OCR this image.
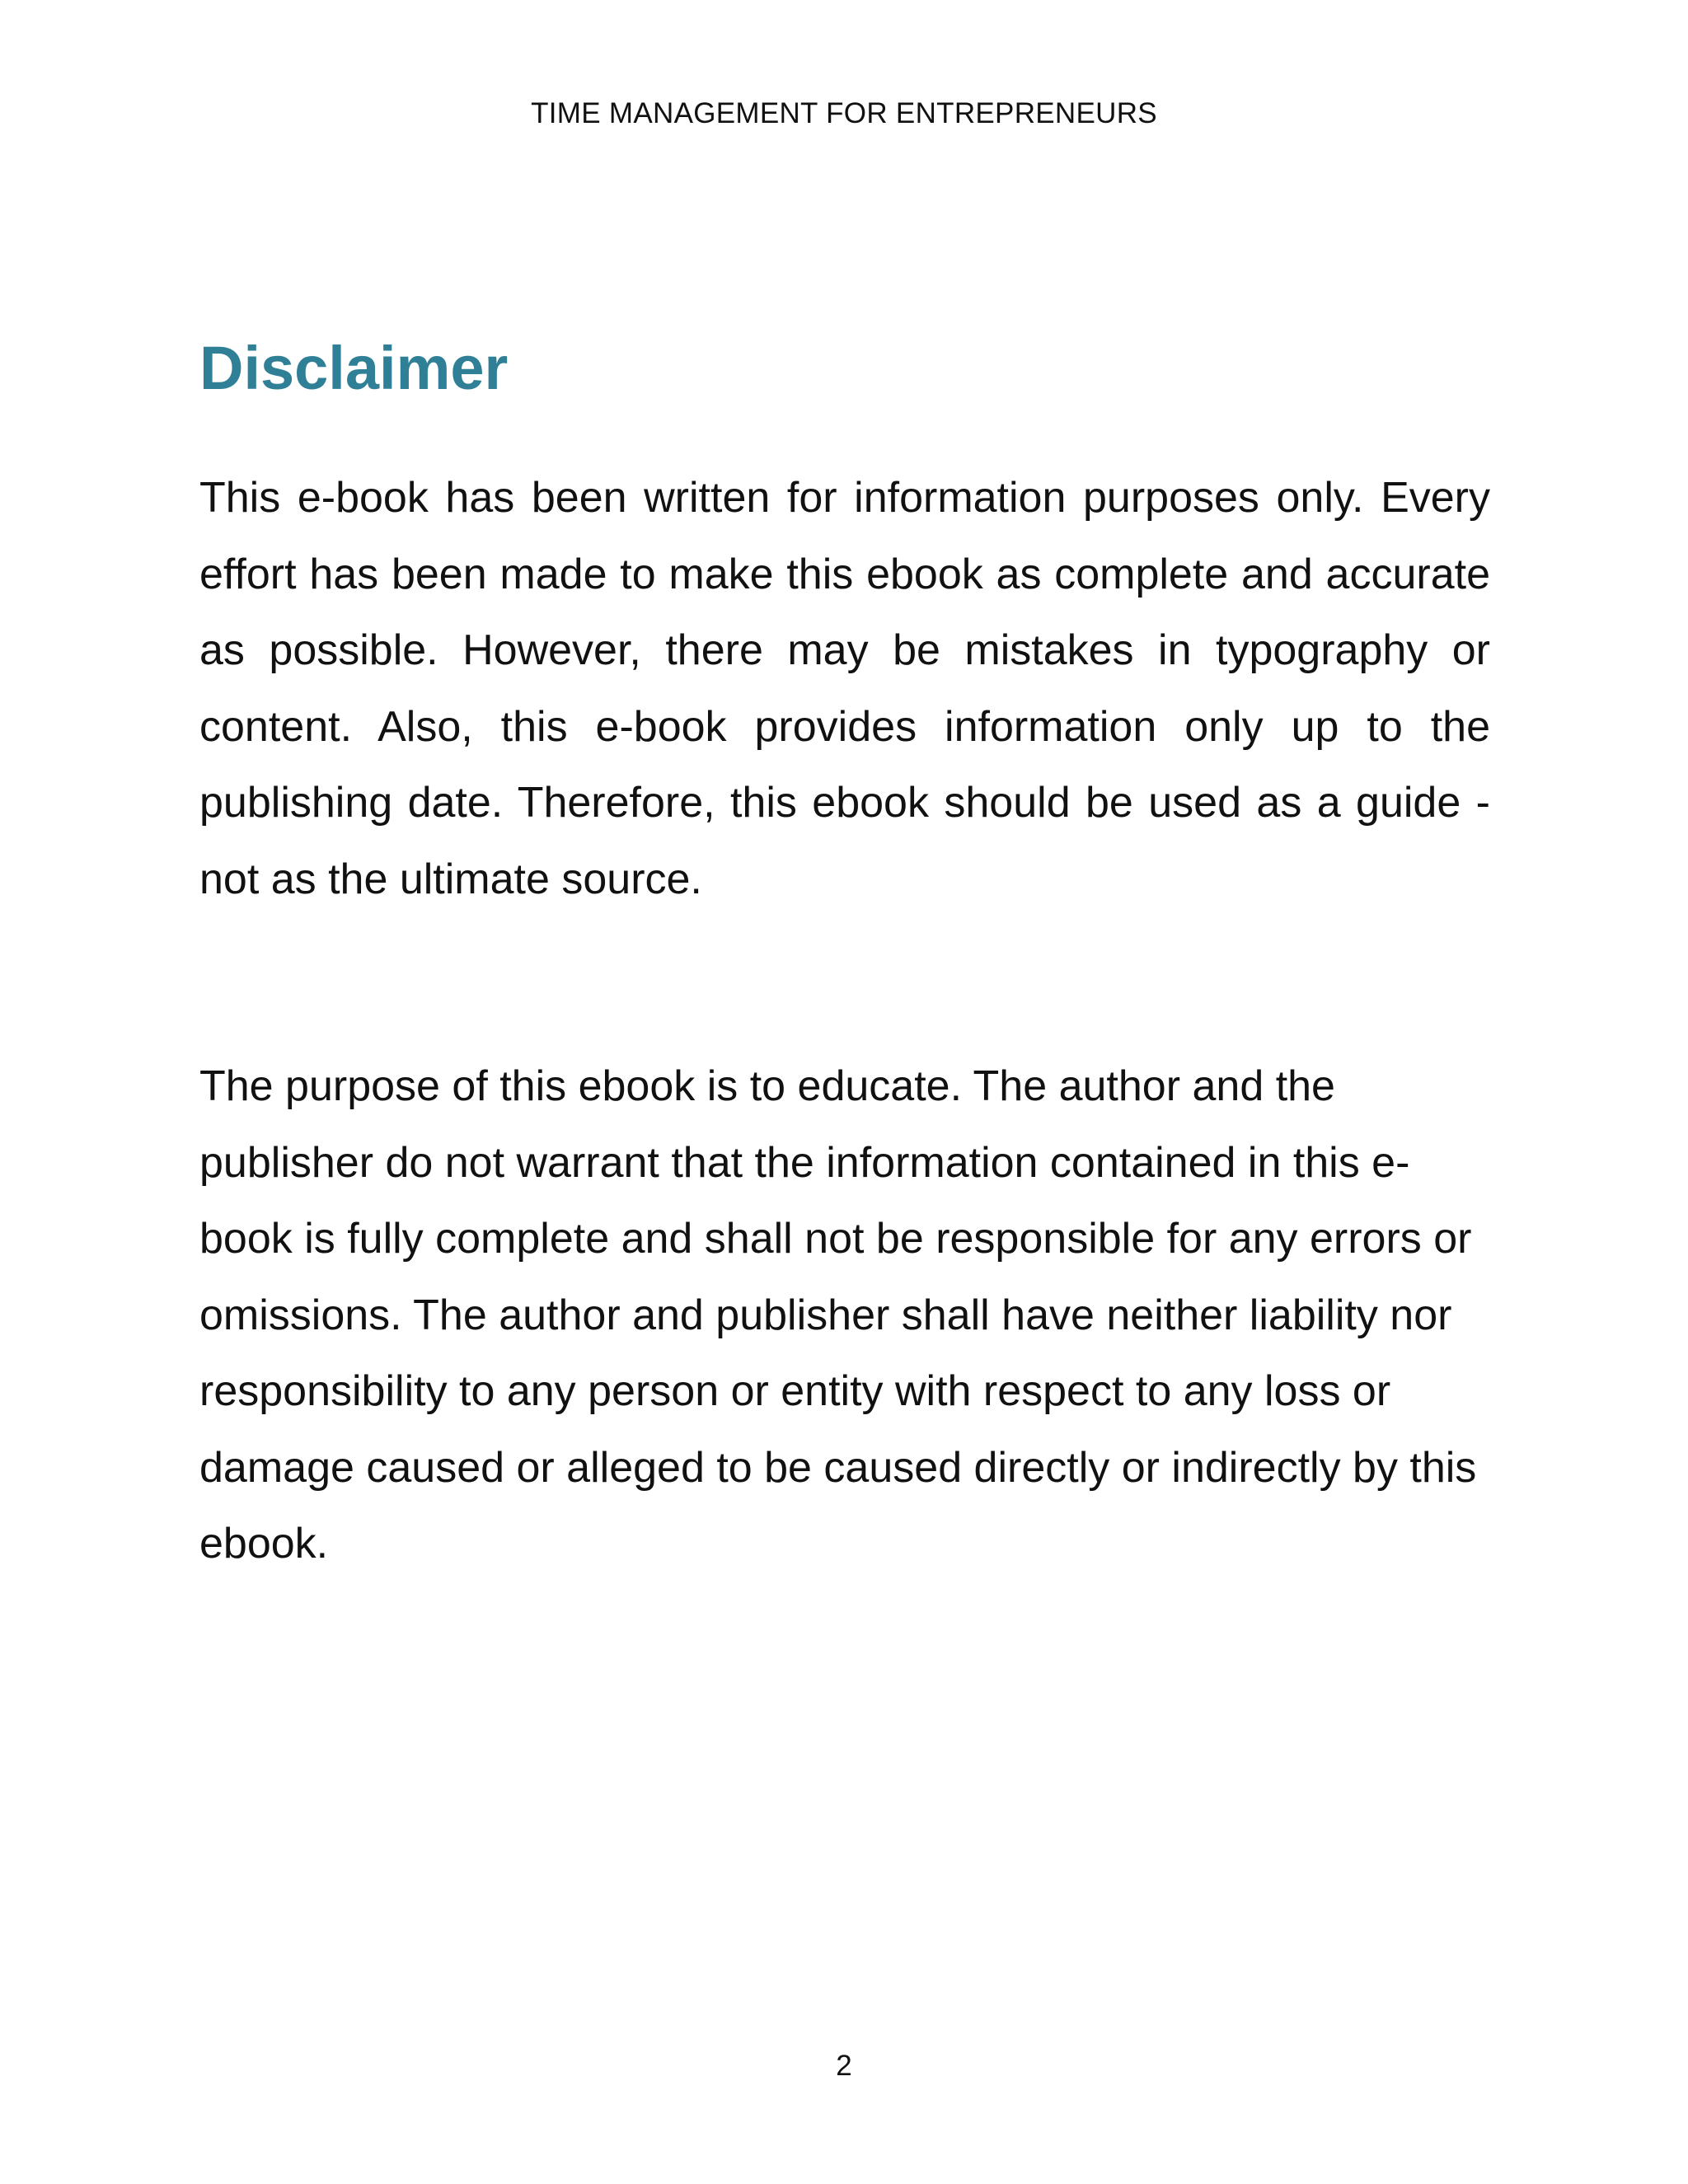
TIME MANAGEMENT FOR ENTREPRENEURS
Disclaimer

This e-book has been written for information purposes only. Every effort has been made to make this ebook as complete and accurate as possible. However, there may be mistakes in typography or content. Also, this e-book provides information only up to the publishing date. Therefore, this ebook should be used as a guide - not as the ultimate source.

The purpose of this ebook is to educate. The author and the publisher do not warrant that the information contained in this e-book is fully complete and shall not be responsible for any errors or omissions. The author and publisher shall have neither liability nor responsibility to any person or entity with respect to any loss or damage caused or alleged to be caused directly or indirectly by this ebook.

2
